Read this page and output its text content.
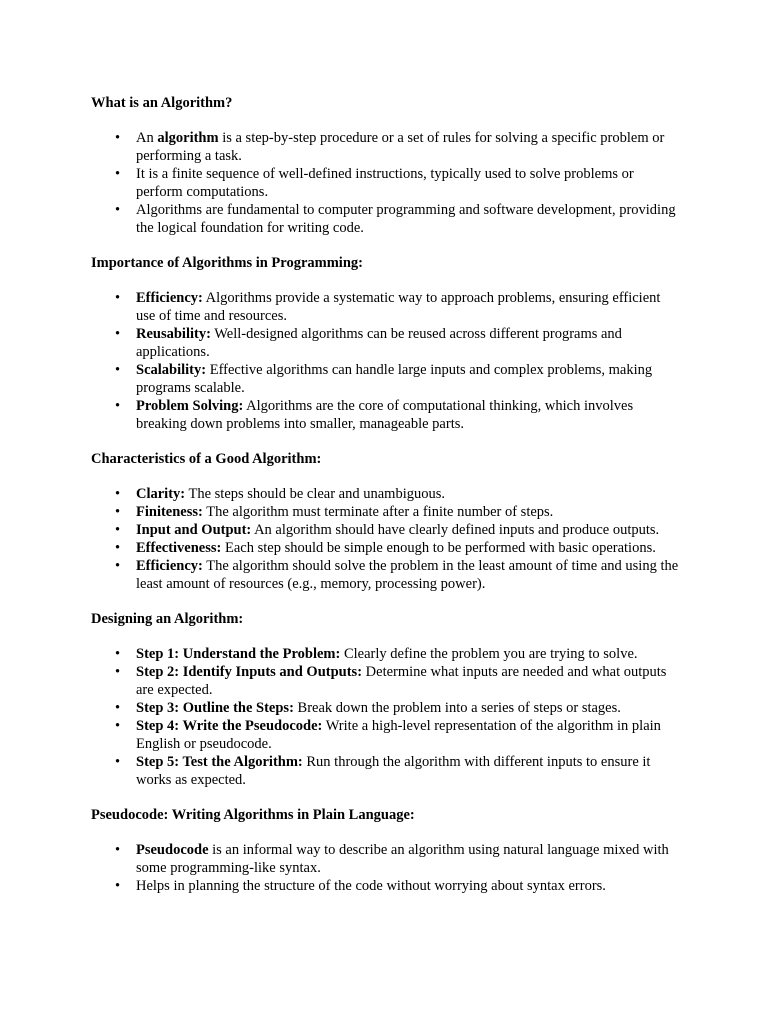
What is an Algorithm?

• An algorithm is a step-by-step procedure or a set of rules for solving a specific problem or performing a task.
• It is a finite sequence of well-defined instructions, typically used to solve problems or perform computations.
• Algorithms are fundamental to computer programming and software development, providing the logical foundation for writing code.

Importance of Algorithms in Programming:

• Efficiency: Algorithms provide a systematic way to approach problems, ensuring efficient use of time and resources.
• Reusability: Well-designed algorithms can be reused across different programs and applications.
• Scalability: Effective algorithms can handle large inputs and complex problems, making programs scalable.
• Problem Solving: Algorithms are the core of computational thinking, which involves breaking down problems into smaller, manageable parts.

Characteristics of a Good Algorithm:

• Clarity: The steps should be clear and unambiguous.
• Finiteness: The algorithm must terminate after a finite number of steps.
• Input and Output: An algorithm should have clearly defined inputs and produce outputs.
• Effectiveness: Each step should be simple enough to be performed with basic operations.
• Efficiency: The algorithm should solve the problem in the least amount of time and using the least amount of resources (e.g., memory, processing power).

Designing an Algorithm:

• Step 1: Understand the Problem: Clearly define the problem you are trying to solve.
• Step 2: Identify Inputs and Outputs: Determine what inputs are needed and what outputs are expected.
• Step 3: Outline the Steps: Break down the problem into a series of steps or stages.
• Step 4: Write the Pseudocode: Write a high-level representation of the algorithm in plain English or pseudocode.
• Step 5: Test the Algorithm: Run through the algorithm with different inputs to ensure it works as expected.

Pseudocode: Writing Algorithms in Plain Language:

• Pseudocode is an informal way to describe an algorithm using natural language mixed with some programming-like syntax.
• Helps in planning the structure of the code without worrying about syntax errors.
